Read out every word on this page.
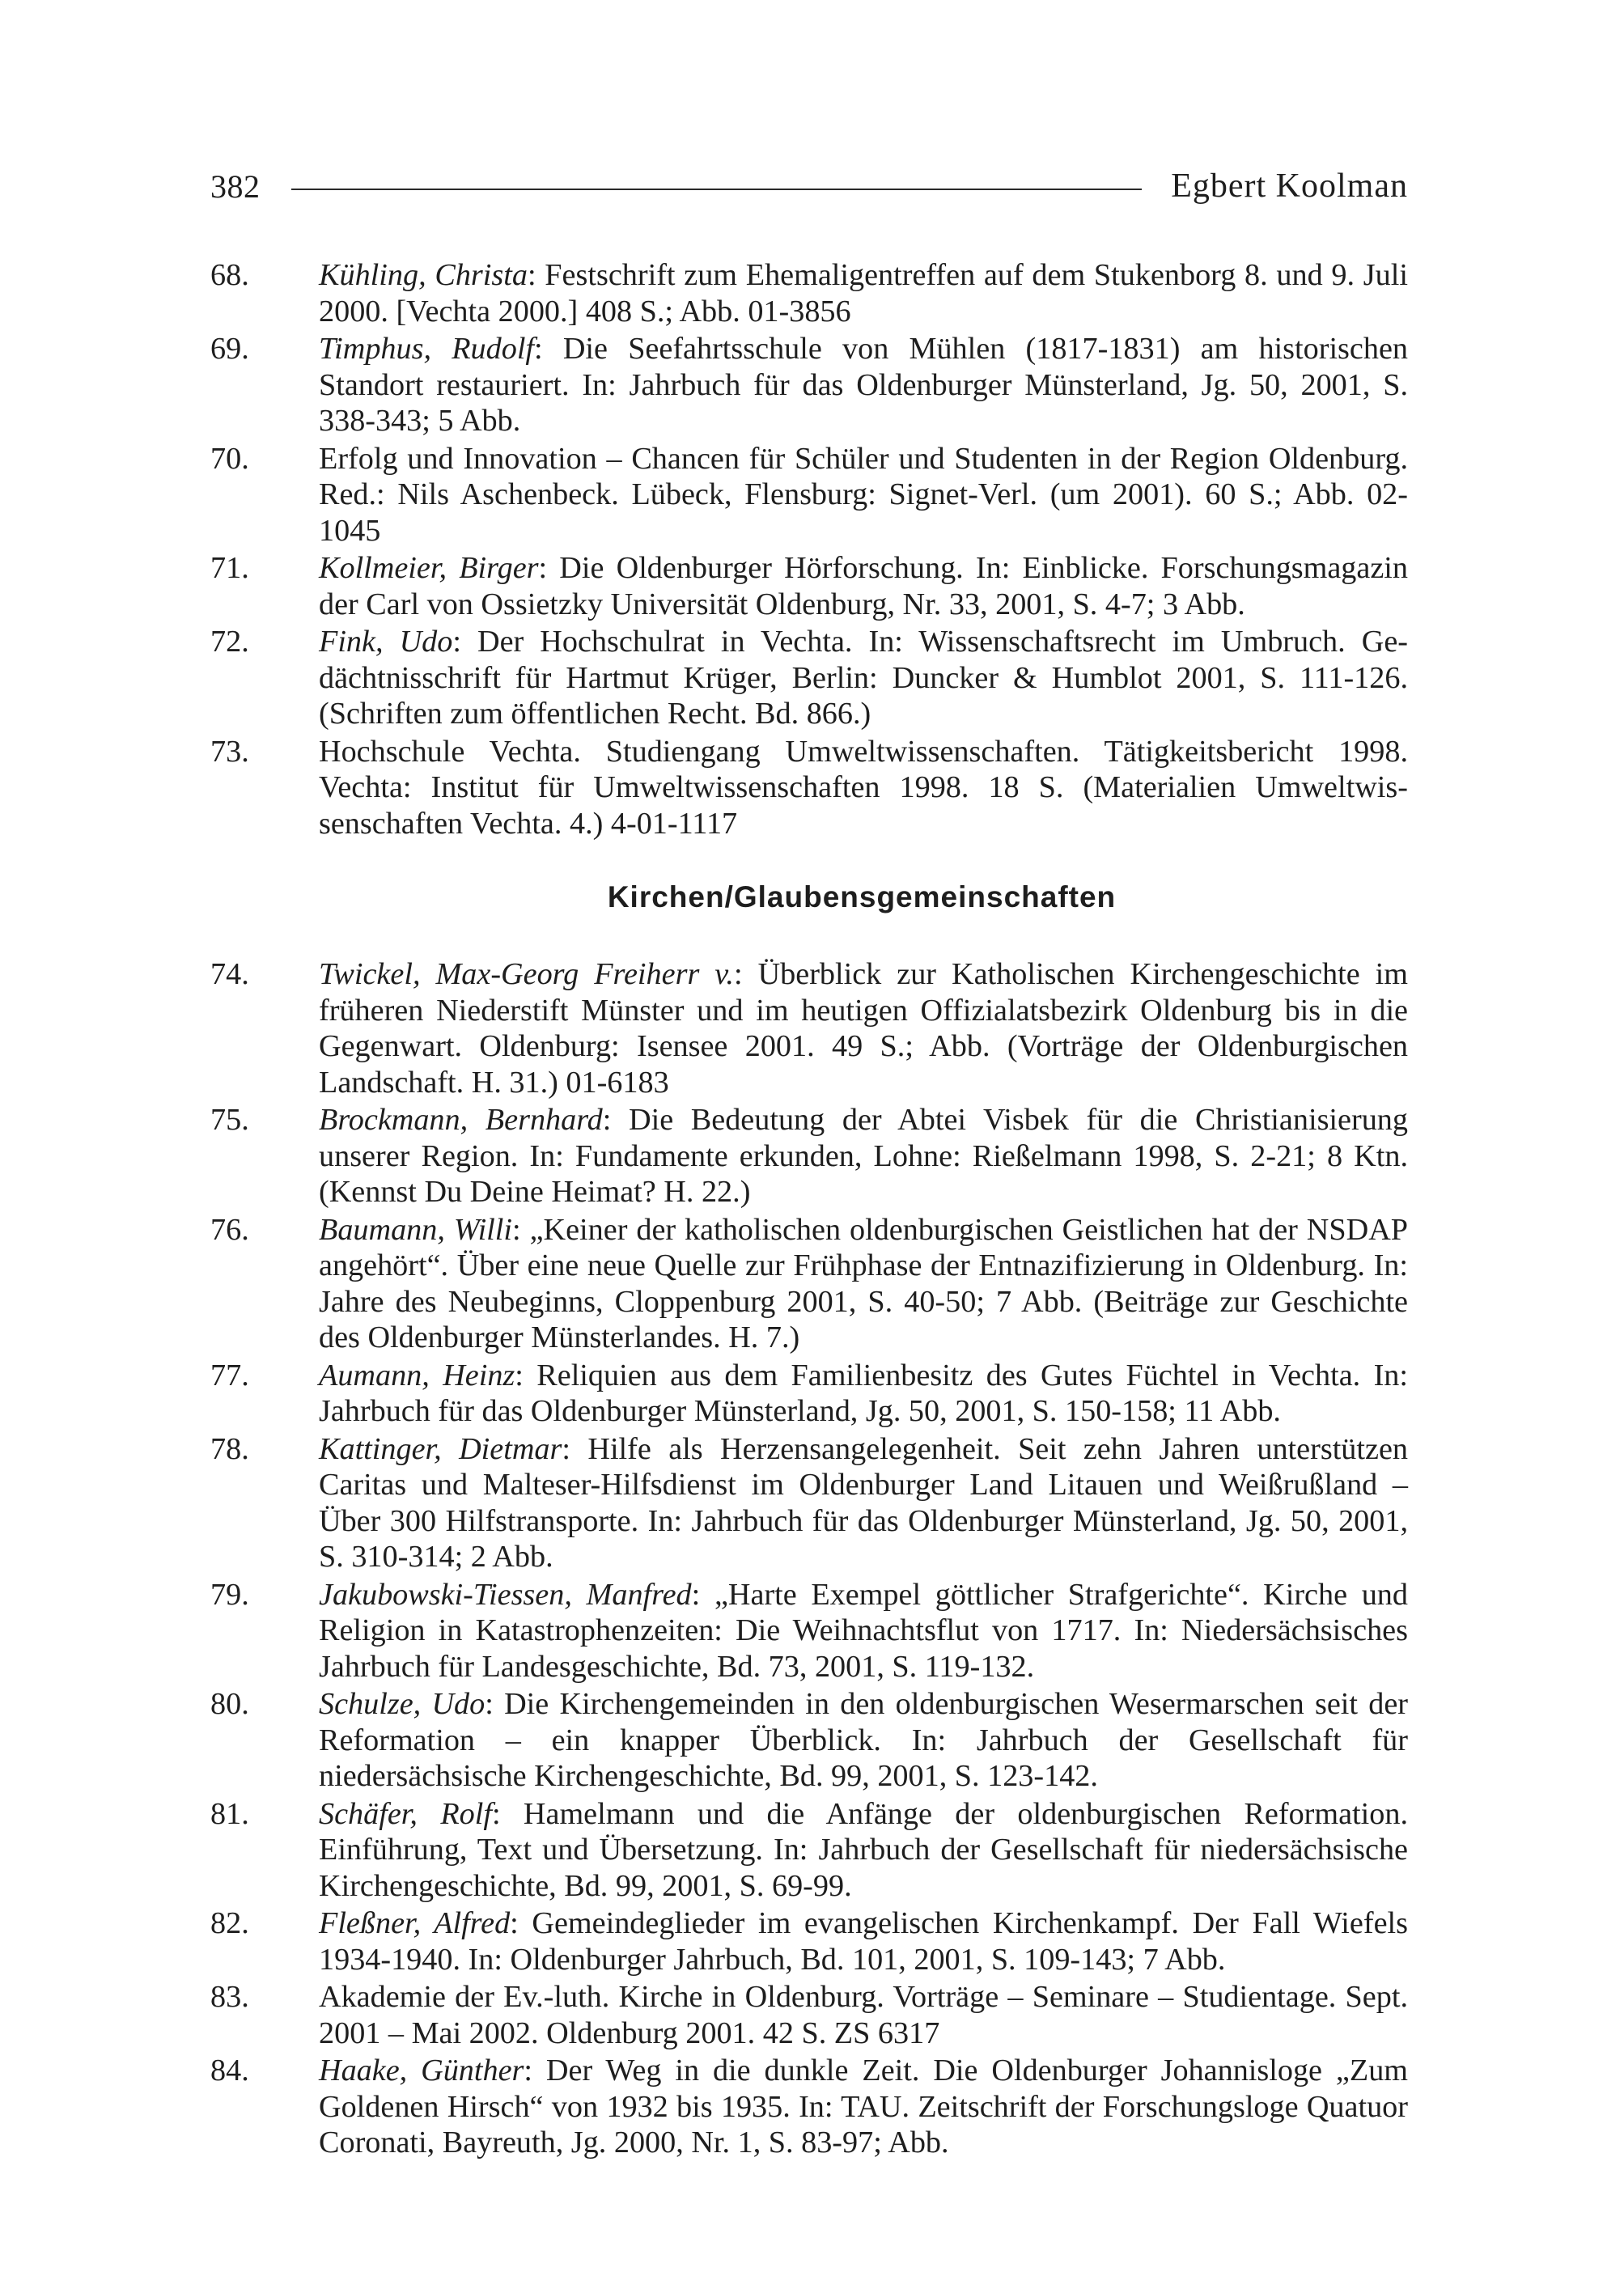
382	Egbert Koolman
68.	Kühling, Christa: Festschrift zum Ehemaligentreffen auf dem Stukenborg 8. und 9. Juli 2000. [Vechta 2000.] 408 S.; Abb. 01-3856
69.	Timphus, Rudolf: Die Seefahrtsschule von Mühlen (1817-1831) am historischen Standort restauriert. In: Jahrbuch für das Oldenburger Münsterland, Jg. 50, 2001, S. 338-343; 5 Abb.
70.	Erfolg und Innovation – Chancen für Schüler und Studenten in der Region Oldenburg. Red.: Nils Aschenbeck. Lübeck, Flensburg: Signet-Verl. (um 2001). 60 S.; Abb. 02-1045
71.	Kollmeier, Birger: Die Oldenburger Hörforschung. In: Einblicke. Forschungsmagazin der Carl von Ossietzky Universität Oldenburg, Nr. 33, 2001, S. 4-7; 3 Abb.
72.	Fink, Udo: Der Hochschulrat in Vechta. In: Wissenschaftsrecht im Umbruch. Gedächtnisschrift für Hartmut Krüger, Berlin: Duncker & Humblot 2001, S. 111-126. (Schriften zum öffentlichen Recht. Bd. 866.)
73.	Hochschule Vechta. Studiengang Umweltwissenschaften. Tätigkeitsbericht 1998. Vechta: Institut für Umweltwissenschaften 1998. 18 S. (Materialien Umweltwissenschaften Vechta. 4.) 4-01-1117
Kirchen/Glaubensgemeinschaften
74.	Twickel, Max-Georg Freiherr v.: Überblick zur Katholischen Kirchengeschichte im früheren Niederstift Münster und im heutigen Offizialatsbezirk Oldenburg bis in die Gegenwart. Oldenburg: Isensee 2001. 49 S.; Abb. (Vorträge der Oldenburgischen Landschaft. H. 31.) 01-6183
75.	Brockmann, Bernhard: Die Bedeutung der Abtei Visbek für die Christianisierung unserer Region. In: Fundamente erkunden, Lohne: Rießelmann 1998, S. 2-21; 8 Ktn. (Kennst Du Deine Heimat? H. 22.)
76.	Baumann, Willi: „Keiner der katholischen oldenburgischen Geistlichen hat der NSDAP angehört“. Über eine neue Quelle zur Frühphase der Entnazifizierung in Oldenburg. In: Jahre des Neubeginns, Cloppenburg 2001, S. 40-50; 7 Abb. (Beiträge zur Geschichte des Oldenburger Münsterlandes. H. 7.)
77.	Aumann, Heinz: Reliquien aus dem Familienbesitz des Gutes Füchtel in Vechta. In: Jahrbuch für das Oldenburger Münsterland, Jg. 50, 2001, S. 150-158; 11 Abb.
78.	Kattinger, Dietmar: Hilfe als Herzensangelegenheit. Seit zehn Jahren unterstützen Caritas und Malteser-Hilfsdienst im Oldenburger Land Litauen und Weißrußland – Über 300 Hilfstransporte. In: Jahrbuch für das Oldenburger Münsterland, Jg. 50, 2001, S. 310-314; 2 Abb.
79.	Jakubowski-Tiessen, Manfred: „Harte Exempel göttlicher Strafgerichte“. Kirche und Religion in Katastrophenzeiten: Die Weihnachtsflut von 1717. In: Niedersächsisches Jahrbuch für Landesgeschichte, Bd. 73, 2001, S. 119-132.
80.	Schulze, Udo: Die Kirchengemeinden in den oldenburgischen Wesermarschen seit der Reformation – ein knapper Überblick. In: Jahrbuch der Gesellschaft für niedersächsische Kirchengeschichte, Bd. 99, 2001, S. 123-142.
81.	Schäfer, Rolf: Hamelmann und die Anfänge der oldenburgischen Reformation. Einführung, Text und Übersetzung. In: Jahrbuch der Gesellschaft für niedersächsische Kirchengeschichte, Bd. 99, 2001, S. 69-99.
82.	Fleßner, Alfred: Gemeindeglieder im evangelischen Kirchenkampf. Der Fall Wiefels 1934-1940. In: Oldenburger Jahrbuch, Bd. 101, 2001, S. 109-143; 7 Abb.
83.	Akademie der Ev.-luth. Kirche in Oldenburg. Vorträge – Seminare – Studientage. Sept. 2001 – Mai 2002. Oldenburg 2001. 42 S. ZS 6317
84.	Haake, Günther: Der Weg in die dunkle Zeit. Die Oldenburger Johannisloge „Zum Goldenen Hirsch“ von 1932 bis 1935. In: TAU. Zeitschrift der Forschungsloge Quatuor Coronati, Bayreuth, Jg. 2000, Nr. 1, S. 83-97; Abb.
